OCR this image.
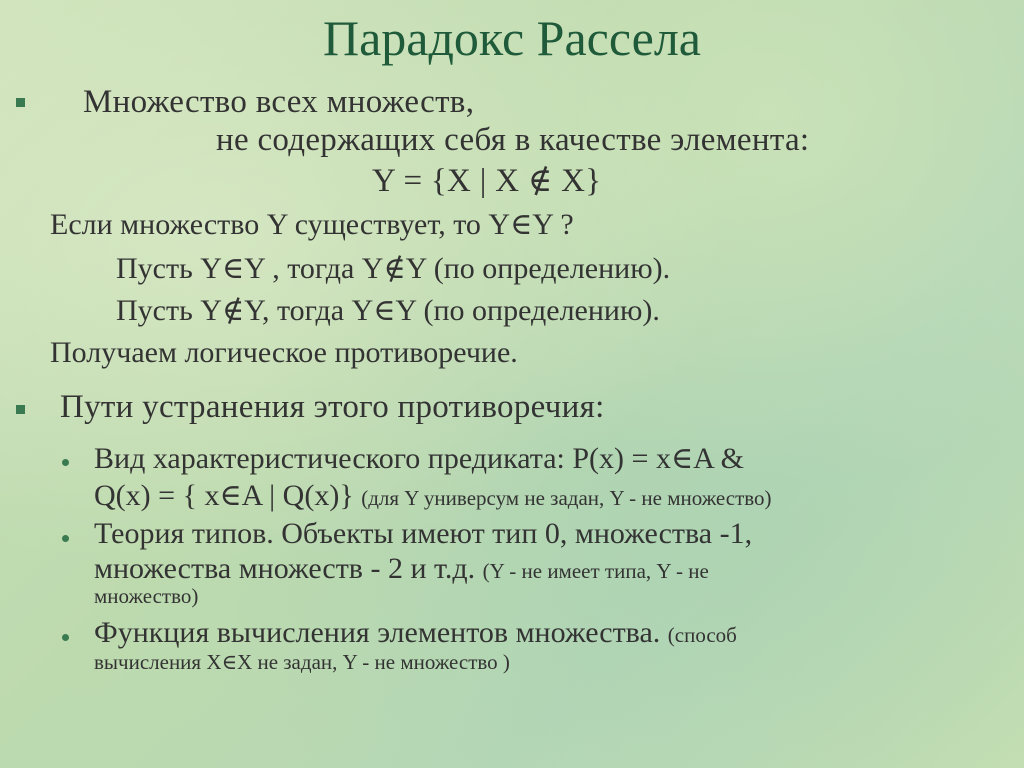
Парадокс Рассела
Множество всех множеств,
не содержащих себя в качестве элемента:
Y = {X | X ∉ X}
Если множество Y существует, то Y∈Y ?
Пусть Y∈Y , тогда Y∉Y (по определению).
Пусть Y∉Y, тогда Y∈Y (по определению).
Получаем логическое противоречие.
Пути устранения этого противоречия:
Вид характеристического предиката: P(x) = x∈A &
Q(x) = { x∈A | Q(x)} (для Y универсум не задан, Y - не множество)
Теория типов. Объекты имеют тип 0, множества -1,
множества множеств - 2 и т.д. (Y - не имеет типа, Y - не
множество)
Функция вычисления элементов множества. (способ
вычисления X∈X не задан, Y - не множество )
